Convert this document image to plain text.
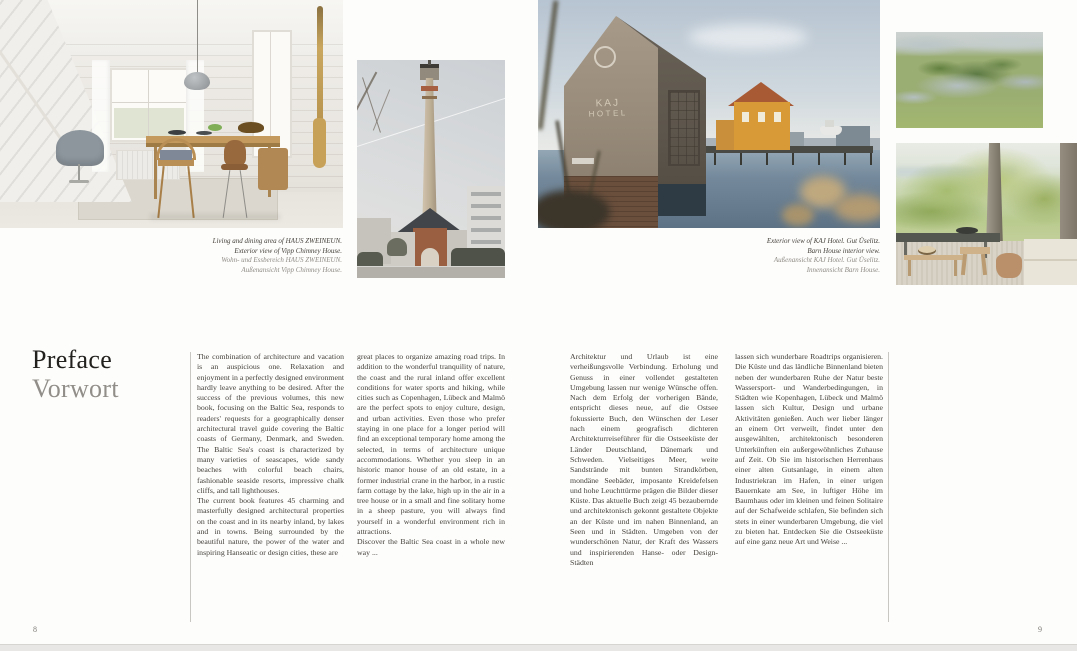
Living and dining area of HAUS ZWEINEUN.
Exterior view of Vipp Chimney House.
Wohn- und Essbereich HAUS ZWEINEUN.
Außenansicht Vipp Chimney House.
KAJ
HOTEL
Exterior view of KAJ Hotel. Gut Üselitz.
Barn House interior view.
Außenansicht KAJ Hotel. Gut Üselitz.
Innenansicht Barn House.
Preface
Vorwort

The combination of architecture and vacation is an auspicious one. Relaxation and enjoyment in a perfectly designed environment hardly leave anything to be desired. After the success of the previous volumes, this new book, focusing on the Baltic Sea, responds to readers' requests for a geographically denser architectural travel guide covering the Baltic coasts of Germany, Denmark, and Sweden. The Baltic Sea's coast is characterized by many varieties of seascapes, wide sandy beaches with colorful beach chairs, fashionable seaside resorts, impressive chalk cliffs, and tall lighthouses.

The current book features 45 charming and masterfully designed architectural properties on the coast and in its nearby inland, by lakes and in towns. Being surrounded by the beautiful nature, the power of the water and inspiring Hanseatic or design cities, these are

great places to organize amazing road trips. In addition to the wonderful tranquility of nature, the coast and the rural inland offer excellent conditions for water sports and hiking, while cities such as Copenhagen, Lübeck and Malmö are the perfect spots to enjoy culture, design, and urban activities. Even those who prefer staying in one place for a longer period will find an exceptional temporary home among the selected, in terms of architecture unique accommodations. Whether you sleep in an historic manor house of an old estate, in a former industrial crane in the harbor, in a rustic farm cottage by the lake, high up in the air in a tree house or in a small and fine solitary home in a sheep pasture, you will always find yourself in a wonderful environment rich in attractions.

Discover the Baltic Sea coast in a whole new way ...

Architektur und Urlaub ist eine verheißungsvolle Verbindung. Erholung und Genuss in einer vollendet gestalteten Umgebung lassen nur wenige Wünsche offen. Nach dem Erfolg der vorherigen Bände, entspricht dieses neue, auf die Ostsee fokussierte Buch, den Wünschen der Leser nach einem geografisch dichteren Architekturreiseführer für die Ostseeküste der Länder Deutschland, Dänemark und Schweden. Vielseitiges Meer, weite Sandstrände mit bunten Strandkörben, mondäne Seebäder, imposante Kreidefelsen und hohe Leuchttürme prägen die Bilder dieser Küste. Das aktuelle Buch zeigt 45 bezaubernde und architektonisch gekonnt gestaltete Objekte an der Küste und im nahen Binnenland, an Seen und in Städten. Umgeben von der wunderschönen Natur, der Kraft des Wassers und inspirierenden Hanse- oder Design-Städten

lassen sich wunderbare Roadtrips organisieren. Die Küste und das ländliche Binnenland bieten neben der wunderbaren Ruhe der Natur beste Wassersport- und Wanderbedingungen, in Städten wie Kopenhagen, Lübeck und Malmö lassen sich Kultur, Design und urbane Aktivitäten genießen. Auch wer lieber länger an einem Ort verweilt, findet unter den ausgewählten, architektonisch besonderen Unterkünften ein außergewöhnliches Zuhause auf Zeit. Ob Sie im historischen Herrenhaus einer alten Gutsanlage, in einem alten Industriekran im Hafen, in einer urigen Bauernkate am See, in luftiger Höhe im Baumhaus oder im kleinen und feinen Solitaire auf der Schafweide schlafen, Sie befinden sich stets in einer wunderbaren Umgebung, die viel zu bieten hat. Entdecken Sie die Ostseeküste auf eine ganz neue Art und Weise ...

8	9
